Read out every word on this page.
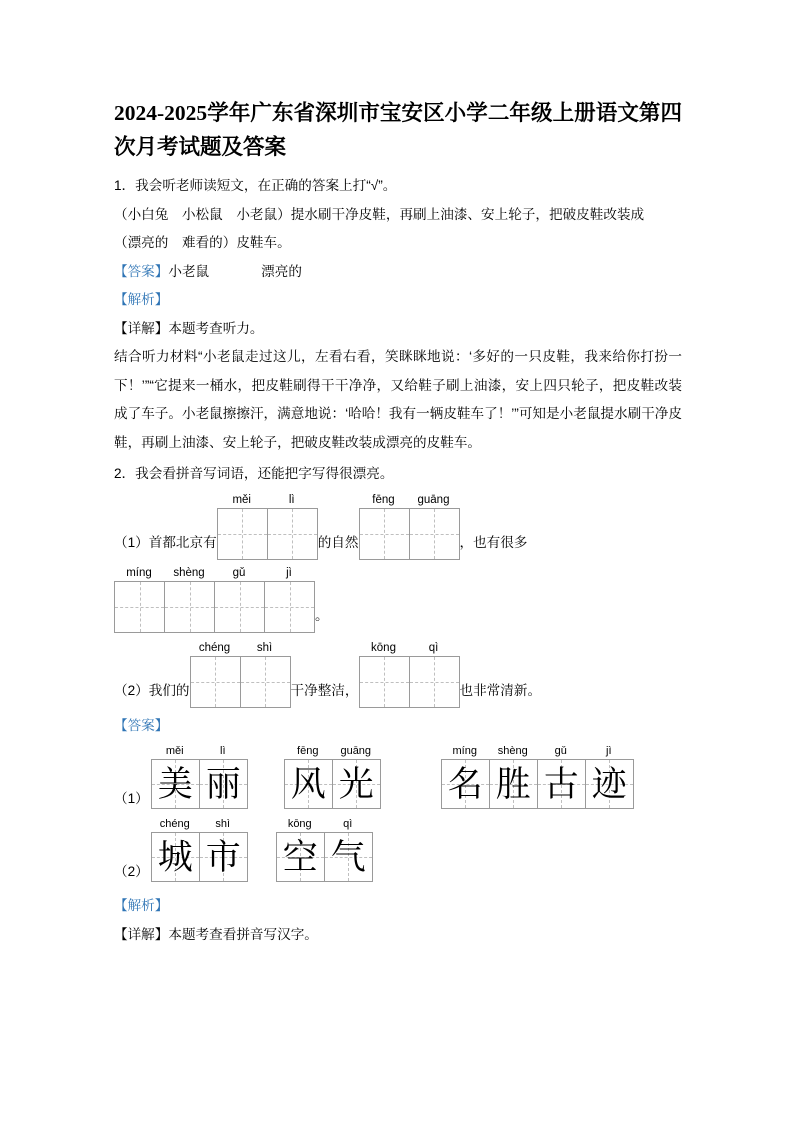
2024-2025学年广东省深圳市宝安区小学二年级上册语文第四次月考试题及答案

1．我会听老师读短文，在正确的答案上打“√”。

（小白兔　小松鼠　小老鼠）提水刷干净皮鞋，再刷上油漆、安上轮子，把破皮鞋改装成

（漂亮的　难看的）皮鞋车。

【答案】小老鼠	漂亮的

【解析】

【详解】本题考查听力。

结合听力材料“小老鼠走过这儿，左看右看，笑眯眯地说：‘多好的一只皮鞋，我来给你打扮一下！’”“它提来一桶水，把皮鞋刷得干干净净，又给鞋子刷上油漆，安上四只轮子，把皮鞋改装成了车子。小老鼠擦擦汗，满意地说：‘哈哈！我有一辆皮鞋车了！’”可知是小老鼠提水刷干净皮鞋，再刷上油漆、安上轮子，把破皮鞋改装成漂亮的皮鞋车。

2．我会看拼音写词语，还能把字写得很漂亮。

（1） 首都北京有
měi	lì
的自然
fēng	guāng
，也有很多
míng	shèng	gǔ	jì
。
（2） 我们的
chéng	shì
干净整洁，
kōng	qì
也非常清新。

【答案】

（1）
měi	lì
美 丽
fēng	guāng
风 光
míng	shèng	gǔ	jì
名 胜 古 迹
（2）
chéng	shì
城 市
kōng	qì
空 气

【解析】

【详解】本题考查看拼音写汉字。
